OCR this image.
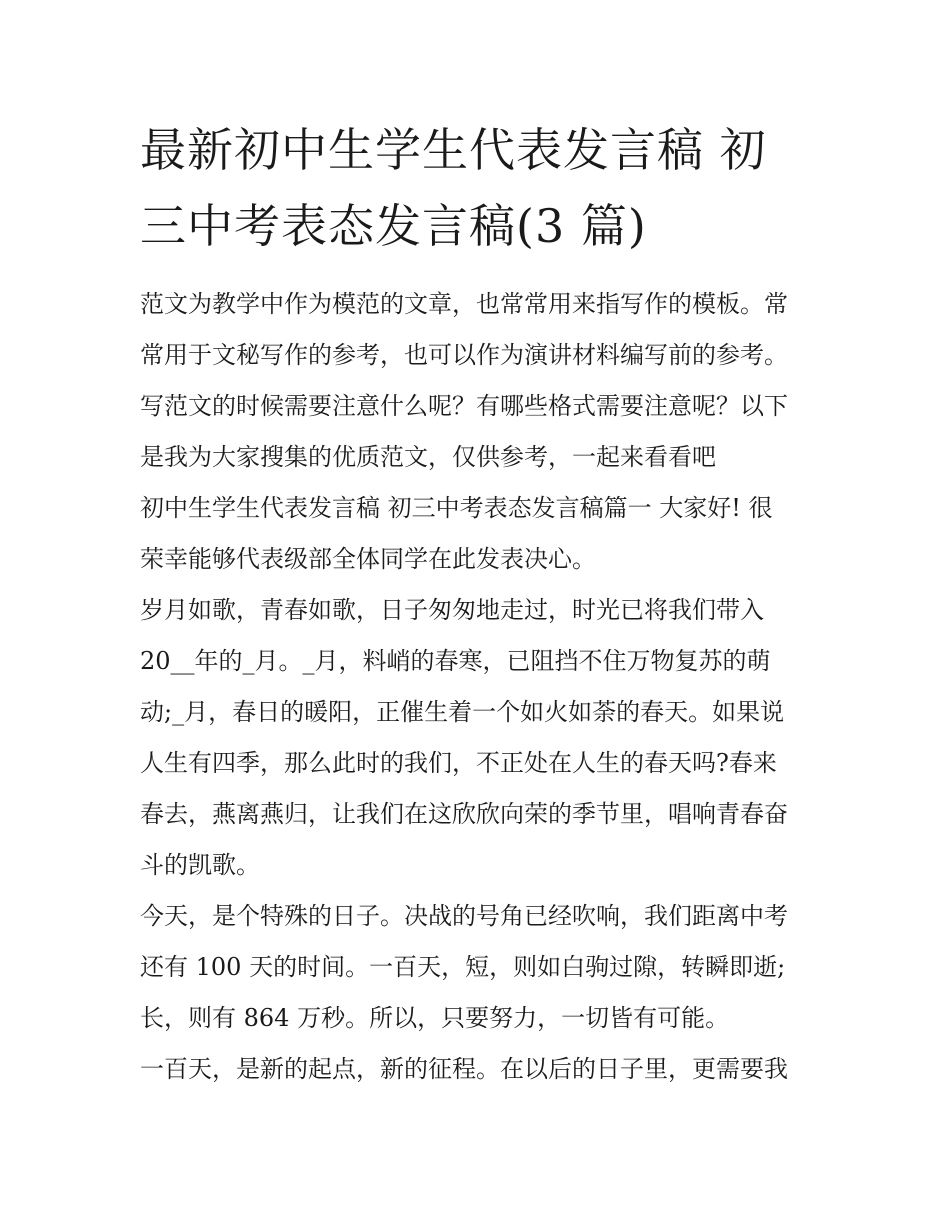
最新初中生学生代表发言稿 初
三中考表态发言稿(3 篇)
范文为教学中作为模范的文章，也常常用来指写作的模板。常
常用于文秘写作的参考，也可以作为演讲材料编写前的参考。
写范文的时候需要注意什么呢？有哪些格式需要注意呢？以下
是我为大家搜集的优质范文，仅供参考，一起来看看吧
初中生学生代表发言稿 初三中考表态发言稿篇一 大家好! 很
荣幸能够代表级部全体同学在此发表决心。
岁月如歌，青春如歌，日子匆匆地走过，时光已将我们带入
20__年的_月。_月，料峭的春寒，已阻挡不住万物复苏的萌
动;_月，春日的暖阳，正催生着一个如火如荼的春天。如果说
人生有四季，那么此时的我们，不正处在人生的春天吗?春来
春去，燕离燕归，让我们在这欣欣向荣的季节里，唱响青春奋
斗的凯歌。
今天，是个特殊的日子。决战的号角已经吹响，我们距离中考
还有 100 天的时间。一百天，短，则如白驹过隙，转瞬即逝;
长，则有 864 万秒。所以，只要努力，一切皆有可能。
一百天，是新的起点，新的征程。在以后的日子里，更需要我
